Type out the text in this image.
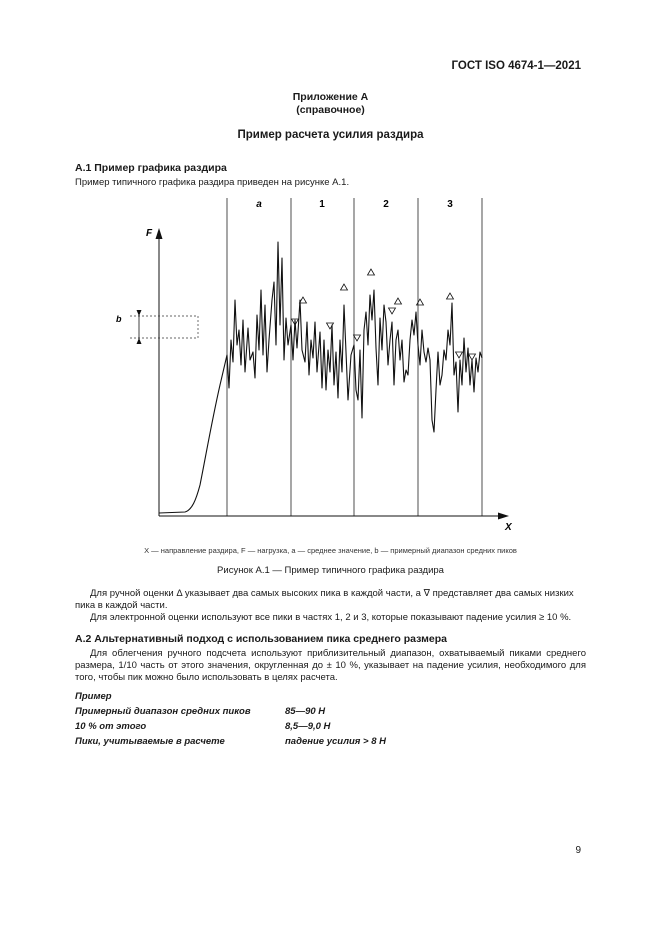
ГОСТ ISO 4674-1—2021
Приложение А
(справочное)
Пример расчета усилия раздира
А.1 Пример графика раздира
Пример типичного графика раздира приведен на рисунке А.1.
a	1	2	3
F
X
b
X — направление раздира, F — нагрузка, a — среднее значение, b — примерный диапазон средних пиков
Рисунок А.1 — Пример типичного графика раздира
Для ручной оценки Δ указывает два самых высоких пика в каждой части, а ∇ представляет два самых низких пика в каждой части.
Для электронной оценки используют все пики в частях 1, 2 и 3, которые показывают падение усилия ≥ 10 %.
А.2 Альтернативный подход с использованием пика среднего размера
Для облегчения ручного подсчета используют приблизительный диапазон, охватываемый пиками среднего размера, 1/10 часть от этого значения, округленная до ± 10 %, указывает на падение усилия, необходимого для того, чтобы пик можно было использовать в целях расчета.
Пример
Примерный диапазон средних пиков	85—90 Н
10 % от этого	8,5—9,0 Н
Пики, учитываемые в расчете	падение усилия > 8 Н
9
